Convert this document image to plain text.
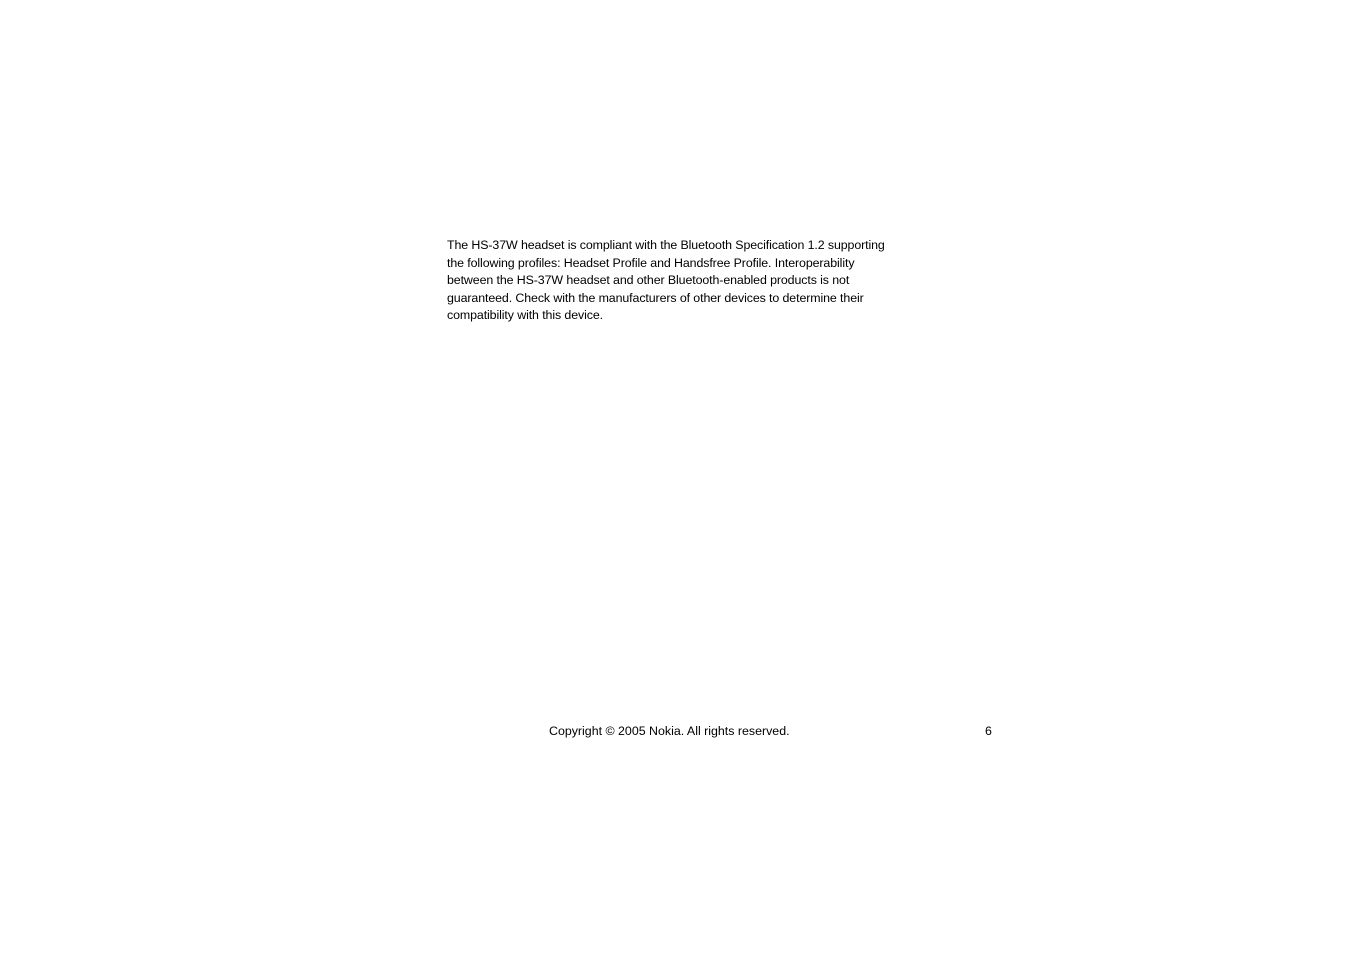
The HS-37W headset is compliant with the Bluetooth Specification 1.2 supporting
the following profiles: Headset Profile and Handsfree Profile. Interoperability
between the HS-37W headset and other Bluetooth-enabled products is not
guaranteed. Check with the manufacturers of other devices to determine their
compatibility with this device.

Copyright © 2005 Nokia. All rights reserved.	6
